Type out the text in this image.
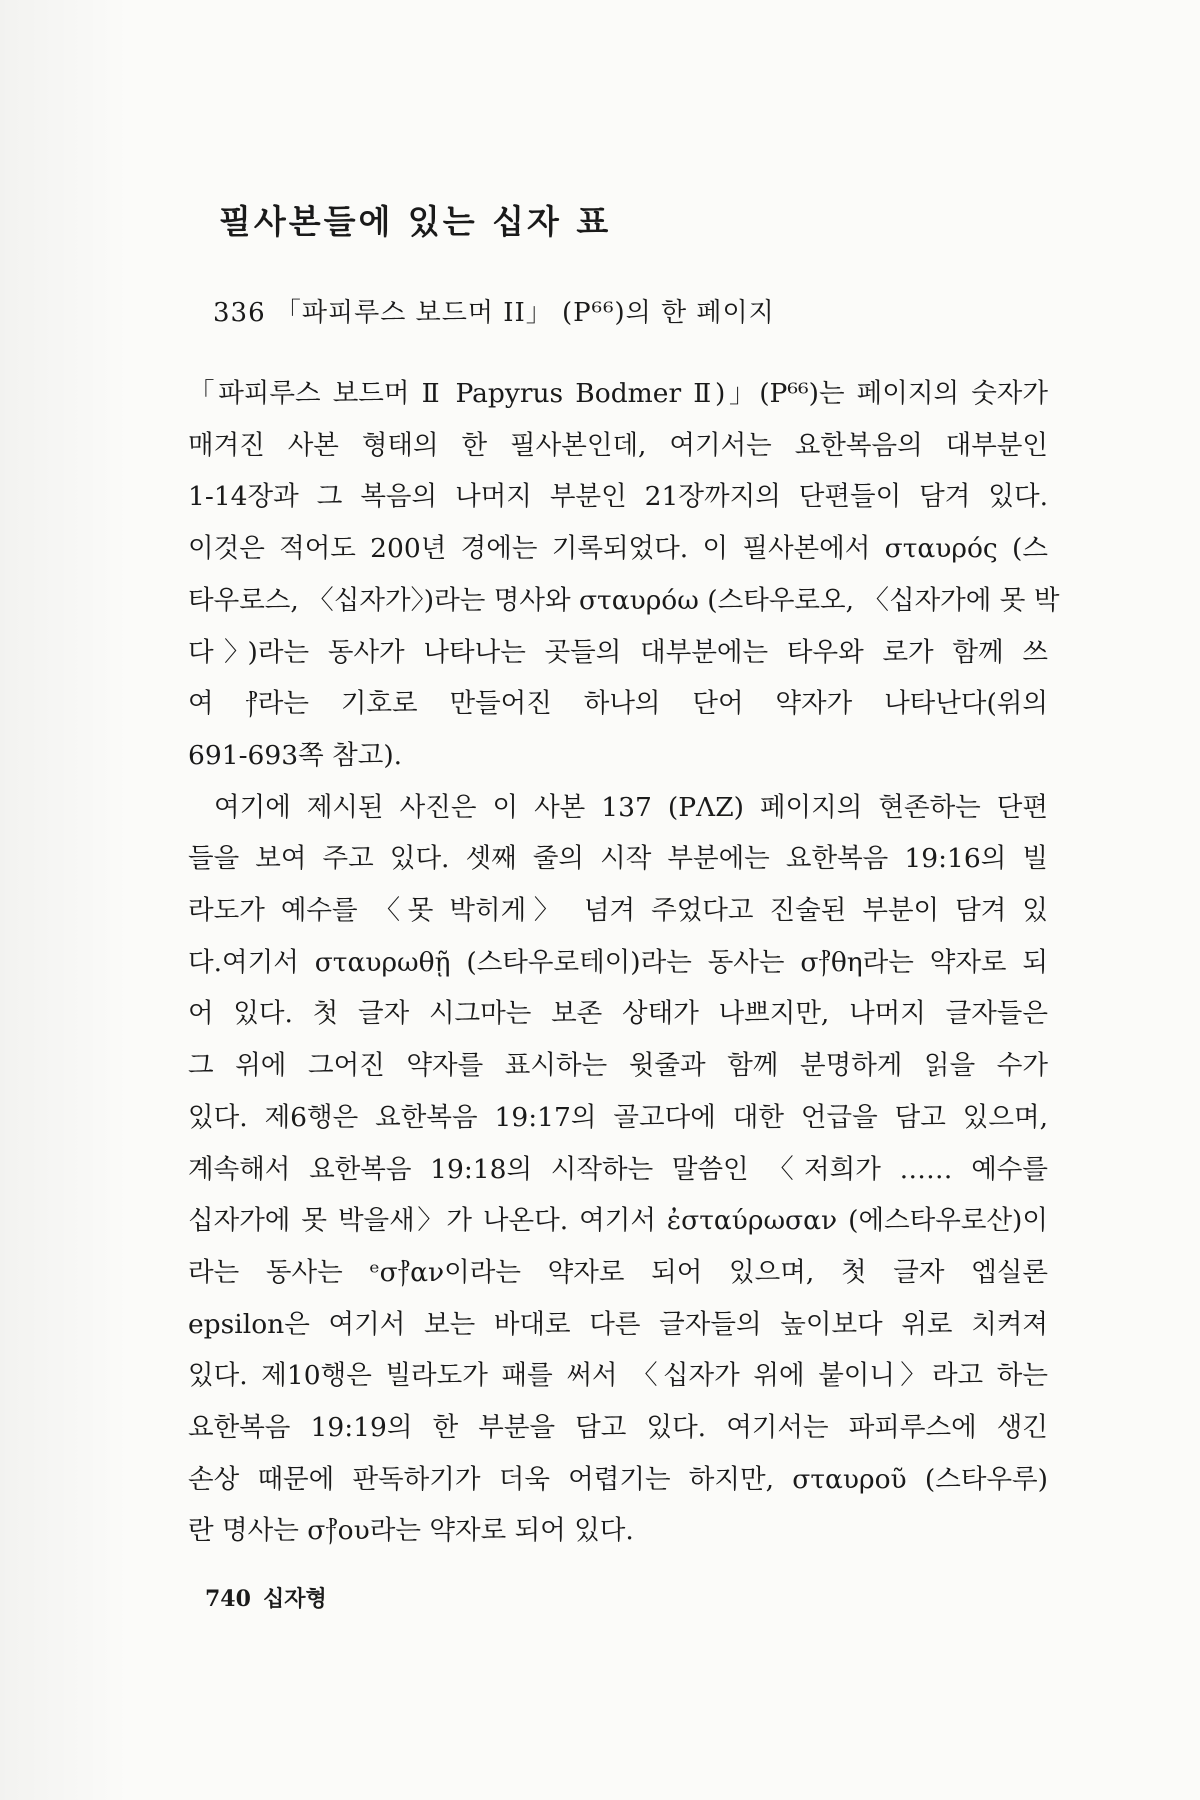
필사본들에 있는 십자 표
336 「파피루스 보드머 II」 (P⁶⁶)의 한 페이지
「파피루스 보드머 Ⅱ Papyrus Bodmer Ⅱ)」(P⁶⁶)는 페이지의 숫자가
매겨진 사본 형태의 한 필사본인데, 여기서는 요한복음의 대부분인
1-14장과 그 복음의 나머지 부분인 21장까지의 단편들이 담겨 있다.
이것은 적어도 200년 경에는 기록되었다. 이 필사본에서 σταυρός (스
타우로스, 〈십자가〉)라는 명사와 σταυρόω (스타우로오, 〈십자가에 못 박
다〉)라는 동사가 나타나는 곳들의 대부분에는 타우와 로가 함께 쓰
여 ⳨라는 기호로 만들어진 하나의 단어 약자가 나타난다(위의
691-693쪽 참고).
여기에 제시된 사진은 이 사본 137 (ΡΛΖ) 페이지의 현존하는 단편
들을 보여 주고 있다. 셋째 줄의 시작 부분에는 요한복음 19:16의 빌
라도가 예수를 〈못 박히게〉 넘겨 주었다고 진술된 부분이 담겨 있
다.여기서 σταυρωθῇ (스타우로테이)라는 동사는 σ⳨θη라는 약자로 되
어 있다. 첫 글자 시그마는 보존 상태가 나쁘지만, 나머지 글자들은
그 위에 그어진 약자를 표시하는 윗줄과 함께 분명하게 읽을 수가
있다. 제6행은 요한복음 19:17의 골고다에 대한 언급을 담고 있으며,
계속해서 요한복음 19:18의 시작하는 말씀인 〈저희가 …… 예수를
십자가에 못 박을새〉가 나온다. 여기서 ἐσταύρωσαν (에스타우로산)이
라는 동사는 ᵉσ⳨αν이라는 약자로 되어 있으며, 첫 글자 엡실론
epsilon은 여기서 보는 바대로 다른 글자들의 높이보다 위로 치켜져
있다. 제10행은 빌라도가 패를 써서 〈십자가 위에 붙이니〉라고 하는
요한복음 19:19의 한 부분을 담고 있다. 여기서는 파피루스에 생긴
손상 때문에 판독하기가 더욱 어렵기는 하지만, σταυροῦ (스타우루)
란 명사는 σ⳨ου라는 약자로 되어 있다.
740 십자형
